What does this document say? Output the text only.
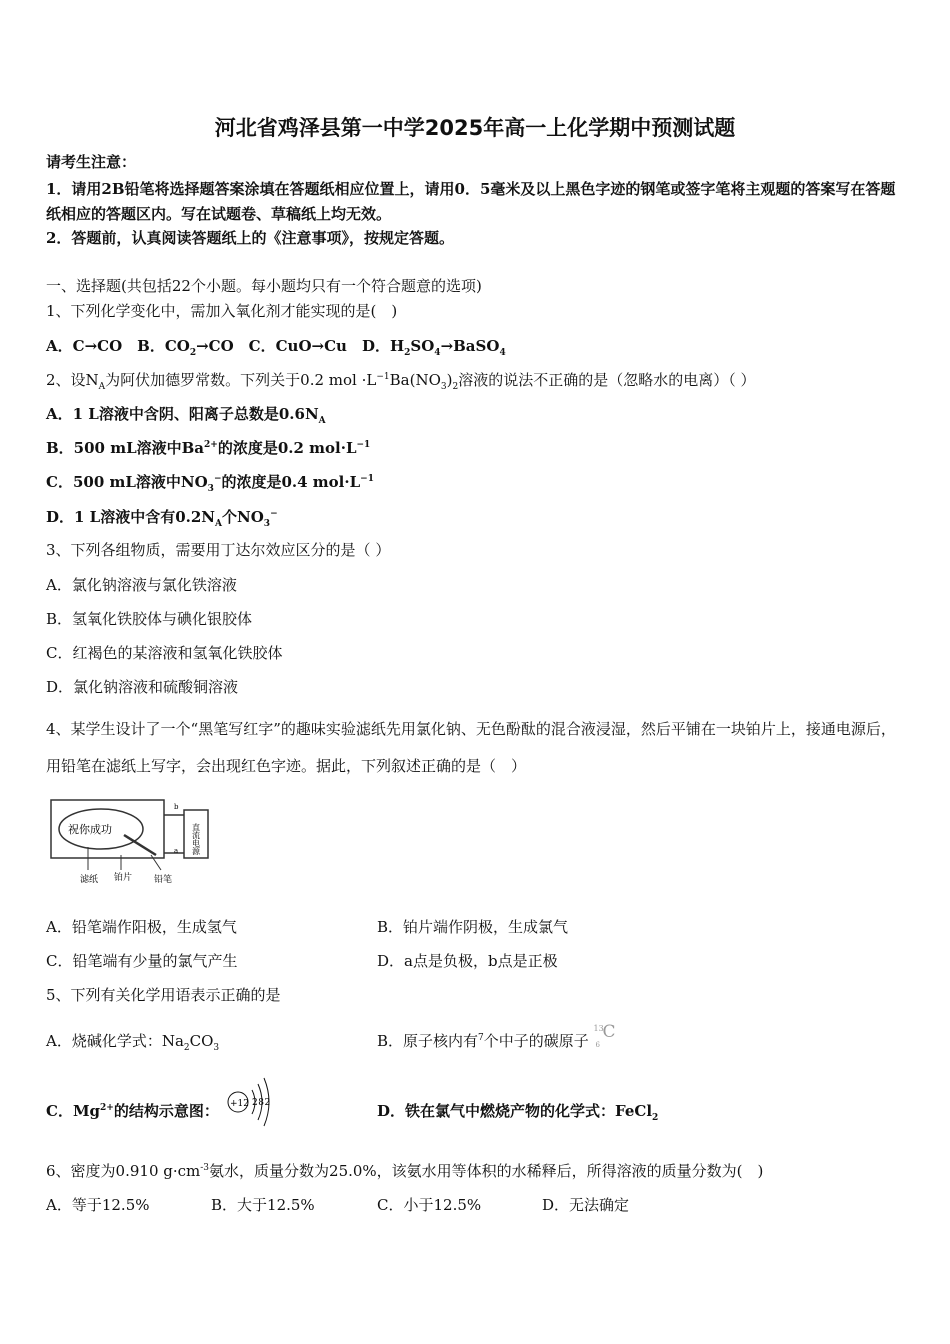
河北省鸡泽县第一中学2025年高一上化学期中预测试题
请考生注意：
1．请用2B铅笔将选择题答案涂填在答题纸相应位置上，请用0．5毫米及以上黑色字迹的钢笔或签字笔将主观题的答案写在答题纸相应的答题区内。写在试题卷、草稿纸上均无效。
2．答题前，认真阅读答题纸上的《注意事项》，按规定答题。
一、选择题(共包括22个小题。每小题均只有一个符合题意的选项)
1、下列化学变化中，需加入氧化剂才能实现的是(　)
A．C→CO　B．$CO_2\to CO$　C．CuO→Cu　D．$H_2SO_4\to BaSO_4$
2、设$N_A$为阿伏加德罗常数。下列关于0.2 mol $\cdot L^{-1}Ba(NO_3)_2$溶液的说法不正确的是（忽略水的电离）（ ）
A．1 L溶液中含阴、阳离子总数是$0.6N_A$
B．500 mL溶液中$Ba^{2+}$的浓度是0.2 $mol\cdot L^{-1}$
C．500 mL溶液中$NO_3^-$的浓度是0.4 $mol\cdot L^{-1}$
D．1 L溶液中含有$0.2N_A$个$NO_3^-$
3、下列各组物质，需要用丁达尔效应区分的是（ ）
A．氯化钠溶液与氯化铁溶液
B．氢氧化铁胶体与碘化银胶体
C．红褐色的某溶液和氢氧化铁胶体
D．氯化钠溶液和硫酸铜溶液
4、某学生设计了一个“黑笔写红字”的趣味实验滤纸先用氯化钠、无色酚酞的混合液浸湿，然后平铺在一块铂片上，接通电源后，用铅笔在滤纸上写字，会出现红色字迹。据此，下列叙述正确的是（　）
祝你成功	直流电源
b
a
滤纸 铂片 铅笔
A．铅笔端作阳极，生成氢气	B．铂片端作阴极，生成氯气
C．铅笔端有少量的氯气产生	D．a点是负极，b点是正极
5、下列有关化学用语表示正确的是
A．烧碱化学式：$Na_2CO_3$	B．原子核内有$^7$个中子的碳原子
13
6
C
C．$Mg^{2+}$的结构示意图： +12 282	D．铁在氯气中燃烧产物的化学式：FeCl$_2$
6、密度为0.910 $g\cdot cm^{-3}$氨水，质量分数为25.0%，该氨水用等体积的水稀释后，所得溶液的质量分数为(　)
A．等于12.5%	B．大于12.5%	C．小于12.5%	D．无法确定
